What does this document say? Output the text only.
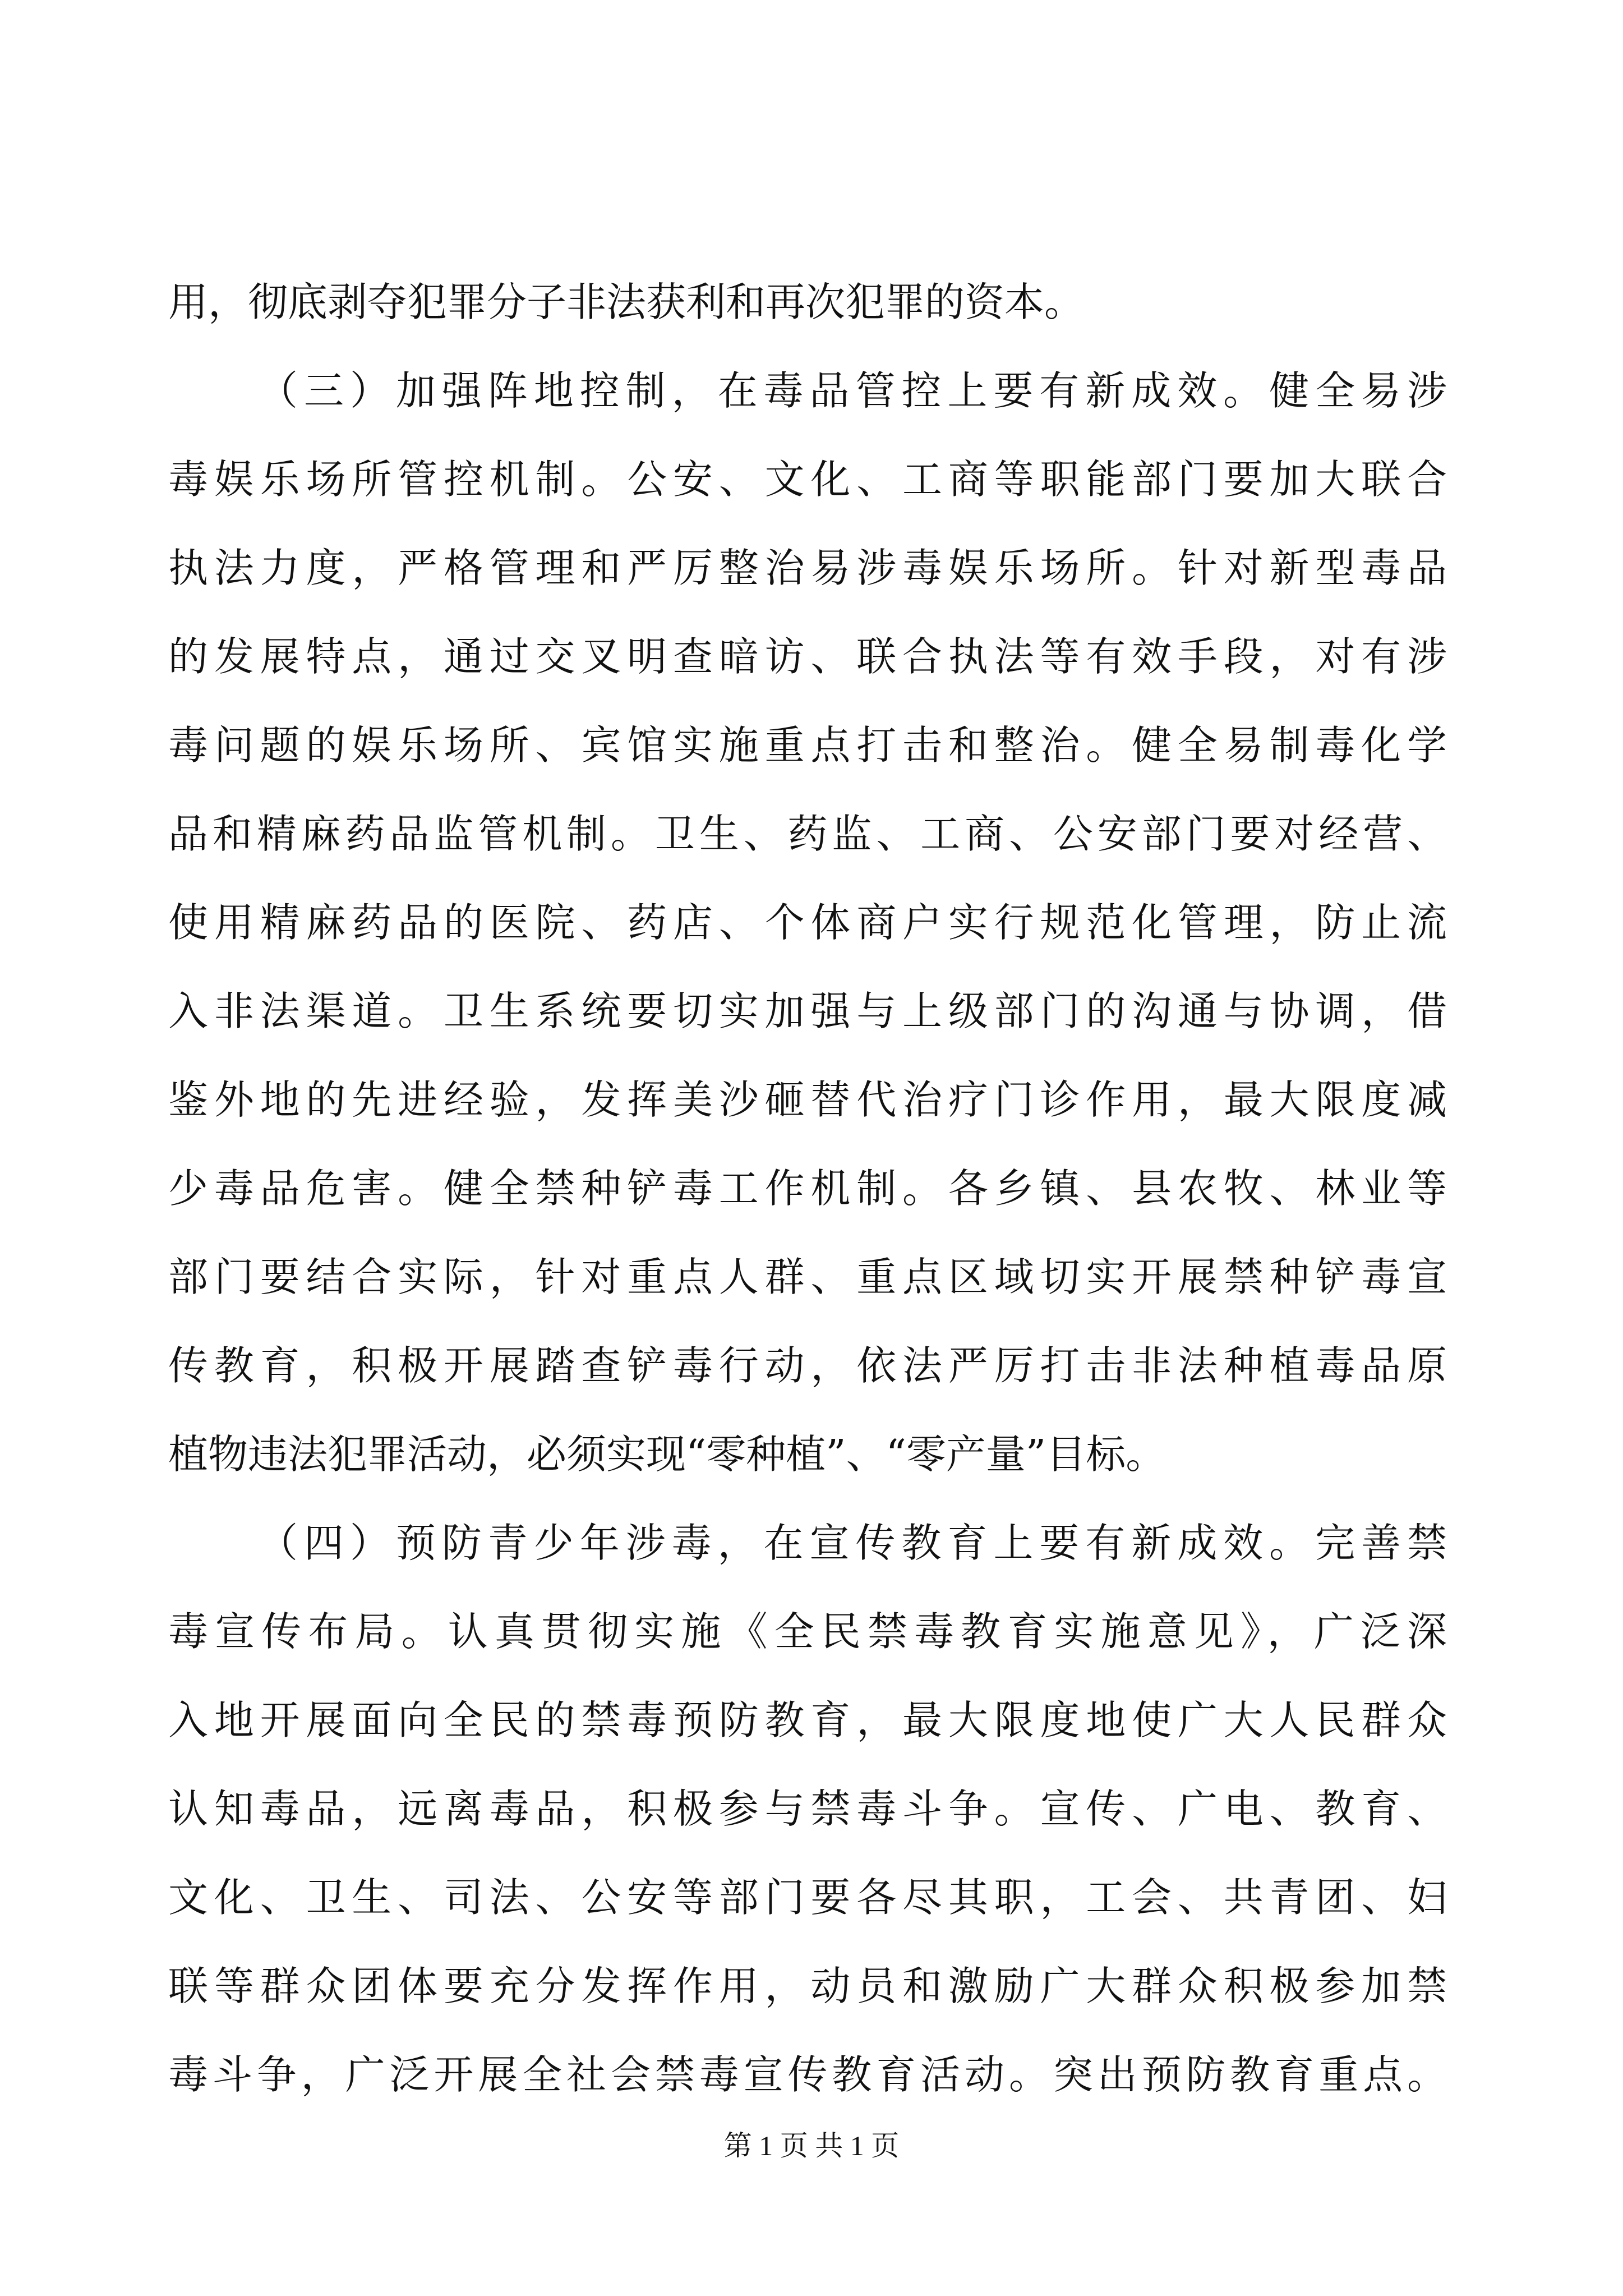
用，彻底剥夺犯罪分子非法获利和再次犯罪的资本。
（三）加强阵地控制，在毒品管控上要有新成效。健全易涉
毒娱乐场所管控机制。公安、文化、工商等职能部门要加大联合
执法力度，严格管理和严厉整治易涉毒娱乐场所。针对新型毒品
的发展特点，通过交叉明查暗访、联合执法等有效手段，对有涉
毒问题的娱乐场所、宾馆实施重点打击和整治。健全易制毒化学
品和精麻药品监管机制。卫生、药监、工商、公安部门要对经营、
使用精麻药品的医院、药店、个体商户实行规范化管理，防止流
入非法渠道。卫生系统要切实加强与上级部门的沟通与协调，借
鉴外地的先进经验，发挥美沙砸替代治疗门诊作用，最大限度减
少毒品危害。健全禁种铲毒工作机制。各乡镇、县农牧、林业等
部门要结合实际，针对重点人群、重点区域切实开展禁种铲毒宣
传教育，积极开展踏查铲毒行动，依法严厉打击非法种植毒品原
植物违法犯罪活动，必须实现“零种植”、“零产量”目标。
（四）预防青少年涉毒，在宣传教育上要有新成效。完善禁
毒宣传布局。认真贯彻实施《全民禁毒教育实施意见》，广泛深
入地开展面向全民的禁毒预防教育，最大限度地使广大人民群众
认知毒品，远离毒品，积极参与禁毒斗争。宣传、广电、教育、
文化、卫生、司法、公安等部门要各尽其职，工会、共青团、妇
联等群众团体要充分发挥作用，动员和激励广大群众积极参加禁
毒斗争，广泛开展全社会禁毒宣传教育活动。突出预防教育重点。
第 1 页 共 1 页
